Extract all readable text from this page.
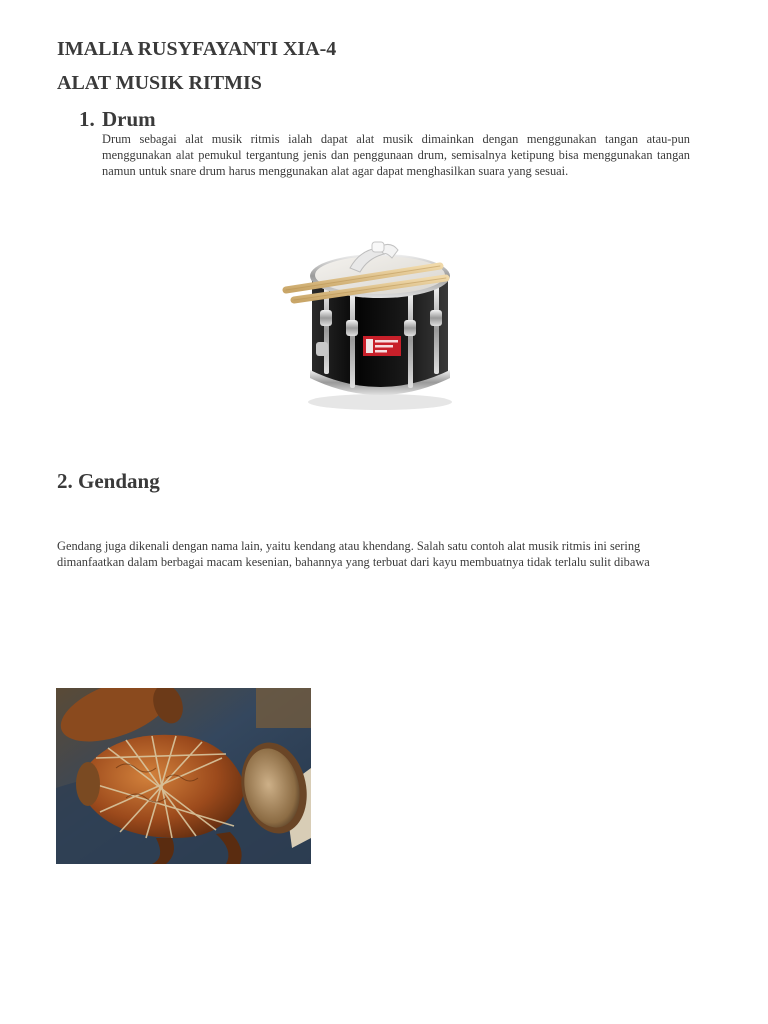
IMALIA RUSYFAYANTI XIA-4
ALAT MUSIK RITMIS
1. Drum

Drum sebagai alat musik ritmis ialah dapat alat musik dimainkan dengan menggunakan tangan atau-pun menggunakan alat pemukul tergantung jenis dan penggunaan drum, semisalnya ketipung bisa menggunakan tangan namun untuk snare drum harus menggunakan alat agar dapat menghasilkan suara yang sesuai.

2. Gendang

Gendang juga dikenali dengan nama lain, yaitu kendang atau khendang. Salah satu contoh alat musik ritmis ini sering dimanfaatkan dalam berbagai macam kesenian, bahannya yang terbuat dari kayu membuatnya tidak terlalu sulit dibawa
